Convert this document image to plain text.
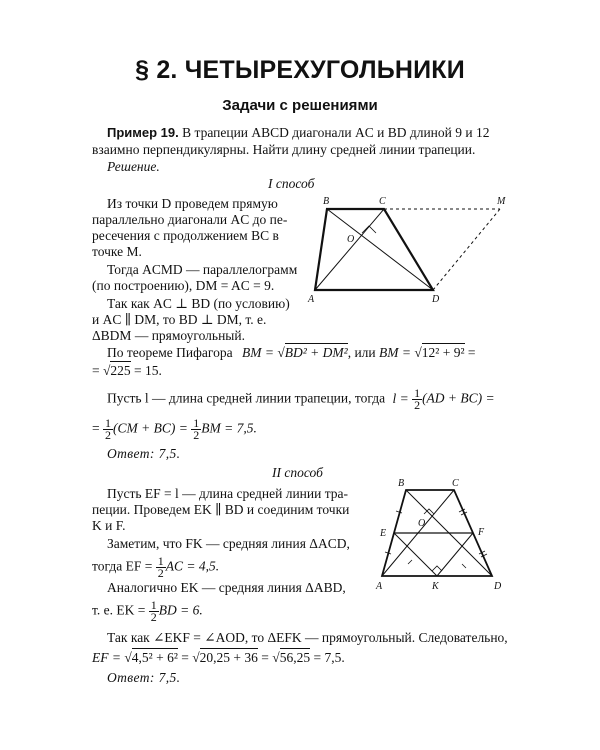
§ 2. ЧЕТЫРЕХУГОЛЬНИКИ
Задачи с решениями
Пример 19. В трапеции ABCD диагонали AC и BD длиной 9 и 12
взаимно перпендикулярны. Найти длину средней линии трапеции.
Решение.
I способ
Из точки D проведем прямую
параллельно диагонали AC до пе-
ресечения с продолжением BC в
точке M.
Тогда ACMD — параллелограмм
(по построению), DM = AC = 9.
Так как AC ⊥ BD (по условию)
и AC ∥ DM, то BD ⊥ DM, т. е.
ΔBDM — прямоугольный.
B	C	M
O
A	D
По теореме Пифагора BM = √BD² + DM², или BM = √12² + 9² =
= √225 = 15.
Пусть l — длина средней линии трапеции, тогда $l = \frac{1}{2} (AD + BC)$ =
= $\frac{1}{2} (CM + BC) = \frac{1}{2}$ BM = 7,5.
Ответ: 7,5.
II способ
Пусть EF = l — длина средней линии тра-
пеции. Проведем EK ∥ BD и соединим точки
K и F.
Заметим, что FK — средняя линия ΔACD,
тогда EF = $\frac{1}{2}$ AC = 4,5.
Аналогично EK — средняя линия ΔABD,
т. е. EK = $\frac{1}{2}$ BD = 6.
B	C
E	F
O
A	K	D
Так как ∠EKF = ∠AOD, то ΔEFK — прямоугольный. Следовательно,
EF = √4,5² + 6² = √20,25 + 36 = √56,25 = 7,5.
Ответ: 7,5.
